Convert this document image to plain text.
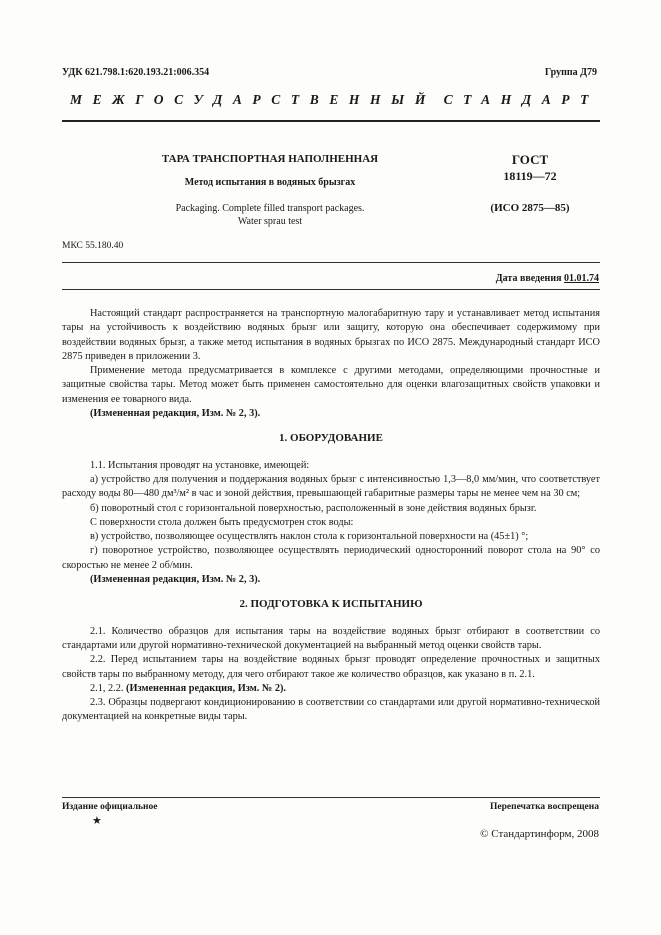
УДК 621.798.1:620.193.21:006.354	Группа Д79
МЕЖГОСУДАРСТВЕННЫЙ СТАНДАРТ
ТАРА ТРАНСПОРТНАЯ НАПОЛНЕННАЯ
Метод испытания в водяных брызгах
Packaging. Complete filled transport packages.
Water sprau test
ГОСТ
18119—72
(ИСО 2875—85)
МКС 55.180.40
Дата введения 01.01.74

Настоящий стандарт распространяется на транспортную малогабаритную тару и устанавливает метод испытания тары на устойчивость к воздействию водяных брызг или защиту, которую она обеспечивает содержимому при воздействии водяных брызг, а также метод испытания в водяных брызгах по ИСО 2875. Международный стандарт ИСО 2875 приведен в приложении 3.

Применение метода предусматривается в комплексе с другими методами, определяющими прочностные и защитные свойства тары. Метод может быть применен самостоятельно для оценки влагозащитных свойств упаковки и изменения ее товарного вида.

(Измененная редакция, Изм. № 2, 3).

1. ОБОРУДОВАНИЕ

1.1. Испытания проводят на установке, имеющей:

а) устройство для получения и поддержания водяных брызг с интенсивностью 1,3—8,0 мм/мин, что соответствует расходу воды 80—480 дм³/м² в час и зоной действия, превышающей габаритные размеры тары не менее чем на 30 см;

б) поворотный стол с горизонтальной поверхностью, расположенный в зоне действия водяных брызг.

С поверхности стола должен быть предусмотрен сток воды:

в) устройство, позволяющее осуществлять наклон стола к горизонтальной поверхности на (45±1) °;

г) поворотное устройство, позволяющее осуществлять периодический односторонний поворот стола на 90° со скоростью не менее 2 об/мин.

(Измененная редакция, Изм. № 2, 3).

2. ПОДГОТОВКА К ИСПЫТАНИЮ

2.1. Количество образцов для испытания тары на воздействие водяных брызг отбирают в соответствии со стандартами или другой нормативно-технической документацией на выбранный метод оценки свойств тары.

2.2. Перед испытанием тары на воздействие водяных брызг проводят определение прочностных и защитных свойств тары по выбранному методу, для чего отбирают такое же количество образцов, как указано в п. 2.1.

2.1, 2.2. (Измененная редакция, Изм. № 2).

2.3. Образцы подвергают кондиционированию в соответствии со стандартами или другой нормативно-технической документацией на конкретные виды тары.

Издание официальное
★
Перепечатка воспрещена
© Стандартинформ, 2008
